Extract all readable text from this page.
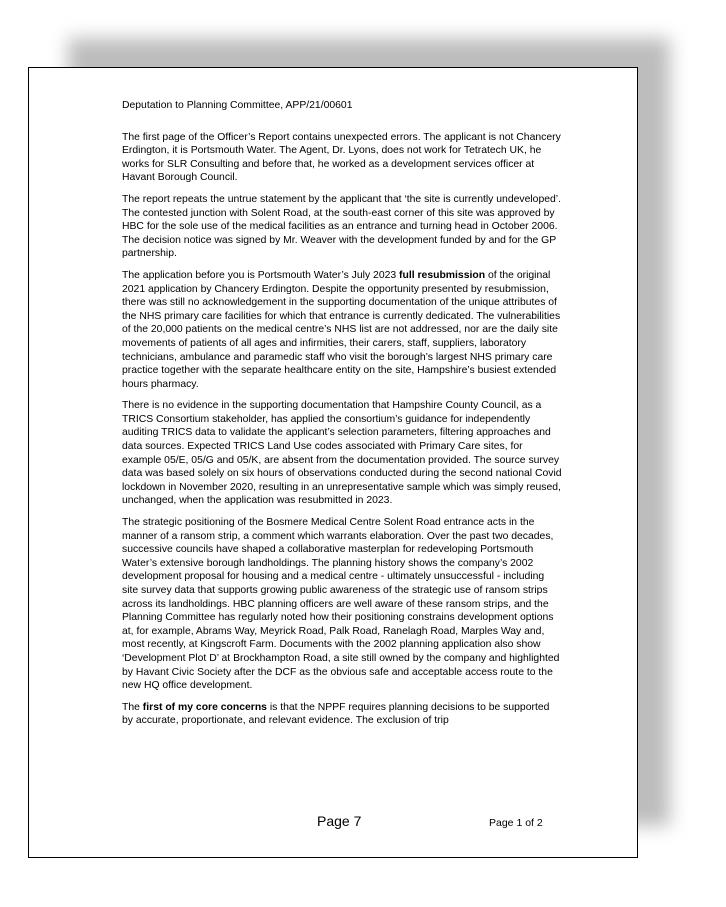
Deputation to Planning Committee, APP/21/00601

The first page of the Officer’s Report contains unexpected errors. The applicant is not Chancery Erdington, it is Portsmouth Water. The Agent, Dr. Lyons, does not work for Tetratech UK, he works for SLR Consulting and before that, he worked as a development services officer at Havant Borough Council.

The report repeats the untrue statement by the applicant that ‘the site is currently undeveloped’. The contested junction with Solent Road, at the south-east corner of this site was approved by HBC for the sole use of the medical facilities as an entrance and turning head in October 2006. The decision notice was signed by Mr. Weaver with the development funded by and for the GP partnership.

The application before you is Portsmouth Water’s July 2023 full resubmission of the original 2021 application by Chancery Erdington. Despite the opportunity presented by resubmission, there was still no acknowledgement in the supporting documentation of the unique attributes of the NHS primary care facilities for which that entrance is currently dedicated. The vulnerabilities of the 20,000 patients on the medical centre’s NHS list are not addressed, nor are the daily site movements of patients of all ages and infirmities, their carers, staff, suppliers, laboratory technicians, ambulance and paramedic staff who visit the borough’s largest NHS primary care practice together with the separate healthcare entity on the site, Hampshire’s busiest extended hours pharmacy.

There is no evidence in the supporting documentation that Hampshire County Council, as a TRICS Consortium stakeholder, has applied the consortium’s guidance for independently auditing TRICS data to validate the applicant’s selection parameters, filtering approaches and data sources. Expected TRICS Land Use codes associated with Primary Care sites, for example 05/E, 05/G and 05/K, are absent from the documentation provided. The source survey data was based solely on six hours of observations conducted during the second national Covid lockdown in November 2020, resulting in an unrepresentative sample which was simply reused, unchanged, when the application was resubmitted in 2023.

The strategic positioning of the Bosmere Medical Centre Solent Road entrance acts in the manner of a ransom strip, a comment which warrants elaboration. Over the past two decades, successive councils have shaped a collaborative masterplan for redeveloping Portsmouth Water’s extensive borough landholdings. The planning history shows the company’s 2002 development proposal for housing and a medical centre - ultimately unsuccessful - including site survey data that supports growing public awareness of the strategic use of ransom strips across its landholdings. HBC planning officers are well aware of these ransom strips, and the Planning Committee has regularly noted how their positioning constrains development options at, for example, Abrams Way, Meyrick Road, Palk Road, Ranelagh Road, Marples Way and, most recently, at Kingscroft Farm. Documents with the 2002 planning application also show ‘Development Plot D’ at Brockhampton Road, a site still owned by the company and highlighted by Havant Civic Society after the DCF as the obvious safe and acceptable access route to the new HQ office development.

The first of my core concerns is that the NPPF requires planning decisions to be supported by accurate, proportionate, and relevant evidence. The exclusion of trip

Page 7	Page 1 of 2
